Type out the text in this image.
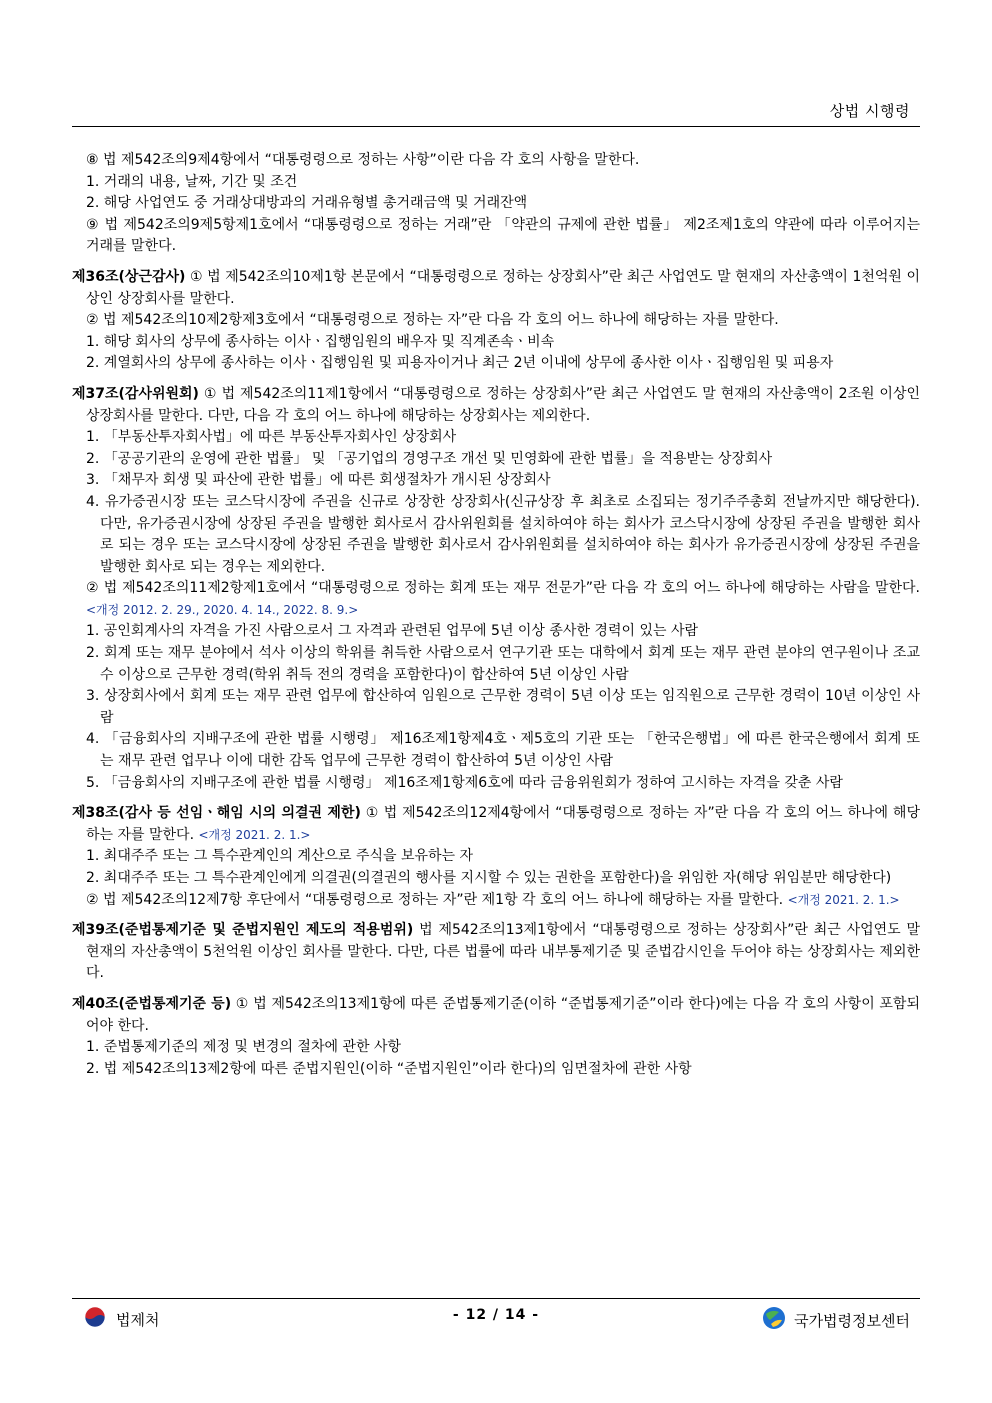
상법 시행령

⑧ 법 제542조의9제4항에서 “대통령령으로 정하는 사항”이란 다음 각 호의 사항을 말한다.

1. 거래의 내용, 날짜, 기간 및 조건

2. 해당 사업연도 중 거래상대방과의 거래유형별 총거래금액 및 거래잔액

⑨ 법 제542조의9제5항제1호에서 “대통령령으로 정하는 거래”란 「약관의 규제에 관한 법률」 제2조제1호의 약관에 따라 이루어지는 거래를 말한다.

제36조(상근감사) ① 법 제542조의10제1항 본문에서 “대통령령으로 정하는 상장회사”란 최근 사업연도 말 현재의 자산총액이 1천억원 이상인 상장회사를 말한다.

② 법 제542조의10제2항제3호에서 “대통령령으로 정하는 자”란 다음 각 호의 어느 하나에 해당하는 자를 말한다.

1. 해당 회사의 상무에 종사하는 이사ㆍ집행임원의 배우자 및 직계존속ㆍ비속

2. 계열회사의 상무에 종사하는 이사ㆍ집행임원 및 피용자이거나 최근 2년 이내에 상무에 종사한 이사ㆍ집행임원 및 피용자

제37조(감사위원회) ① 법 제542조의11제1항에서 “대통령령으로 정하는 상장회사”란 최근 사업연도 말 현재의 자산총액이 2조원 이상인 상장회사를 말한다. 다만, 다음 각 호의 어느 하나에 해당하는 상장회사는 제외한다.

1. 「부동산투자회사법」에 따른 부동산투자회사인 상장회사

2. 「공공기관의 운영에 관한 법률」 및 「공기업의 경영구조 개선 및 민영화에 관한 법률」을 적용받는 상장회사

3. 「채무자 회생 및 파산에 관한 법률」에 따른 회생절차가 개시된 상장회사

4. 유가증권시장 또는 코스닥시장에 주권을 신규로 상장한 상장회사(신규상장 후 최초로 소집되는 정기주주총회 전날까지만 해당한다). 다만, 유가증권시장에 상장된 주권을 발행한 회사로서 감사위원회를 설치하여야 하는 회사가 코스닥시장에 상장된 주권을 발행한 회사로 되는 경우 또는 코스닥시장에 상장된 주권을 발행한 회사로서 감사위원회를 설치하여야 하는 회사가 유가증권시장에 상장된 주권을 발행한 회사로 되는 경우는 제외한다.

② 법 제542조의11제2항제1호에서 “대통령령으로 정하는 회계 또는 재무 전문가”란 다음 각 호의 어느 하나에 해당하는 사람을 말한다. <개정 2012. 2. 29., 2020. 4. 14., 2022. 8. 9.>

1. 공인회계사의 자격을 가진 사람으로서 그 자격과 관련된 업무에 5년 이상 종사한 경력이 있는 사람

2. 회계 또는 재무 분야에서 석사 이상의 학위를 취득한 사람으로서 연구기관 또는 대학에서 회계 또는 재무 관련 분야의 연구원이나 조교수 이상으로 근무한 경력(학위 취득 전의 경력을 포함한다)이 합산하여 5년 이상인 사람

3. 상장회사에서 회계 또는 재무 관련 업무에 합산하여 임원으로 근무한 경력이 5년 이상 또는 임직원으로 근무한 경력이 10년 이상인 사람

4. 「금융회사의 지배구조에 관한 법률 시행령」 제16조제1항제4호ㆍ제5호의 기관 또는 「한국은행법」에 따른 한국은행에서 회계 또는 재무 관련 업무나 이에 대한 감독 업무에 근무한 경력이 합산하여 5년 이상인 사람

5. 「금융회사의 지배구조에 관한 법률 시행령」 제16조제1항제6호에 따라 금융위원회가 정하여 고시하는 자격을 갖춘 사람

제38조(감사 등 선임ㆍ해임 시의 의결권 제한) ① 법 제542조의12제4항에서 “대통령령으로 정하는 자”란 다음 각 호의 어느 하나에 해당하는 자를 말한다. <개정 2021. 2. 1.>

1. 최대주주 또는 그 특수관계인의 계산으로 주식을 보유하는 자

2. 최대주주 또는 그 특수관계인에게 의결권(의결권의 행사를 지시할 수 있는 권한을 포함한다)을 위임한 자(해당 위임분만 해당한다)

② 법 제542조의12제7항 후단에서 “대통령령으로 정하는 자”란 제1항 각 호의 어느 하나에 해당하는 자를 말한다. <개정 2021. 2. 1.>

제39조(준법통제기준 및 준법지원인 제도의 적용범위) 법 제542조의13제1항에서 “대통령령으로 정하는 상장회사”란 최근 사업연도 말 현재의 자산총액이 5천억원 이상인 회사를 말한다. 다만, 다른 법률에 따라 내부통제기준 및 준법감시인을 두어야 하는 상장회사는 제외한다.

제40조(준법통제기준 등) ① 법 제542조의13제1항에 따른 준법통제기준(이하 “준법통제기준”이라 한다)에는 다음 각 호의 사항이 포함되어야 한다.

1. 준법통제기준의 제정 및 변경의 절차에 관한 사항

2. 법 제542조의13제2항에 따른 준법지원인(이하 “준법지원인”이라 한다)의 임면절차에 관한 사항

법제처	- 12 / 14 -	국가법령정보센터
